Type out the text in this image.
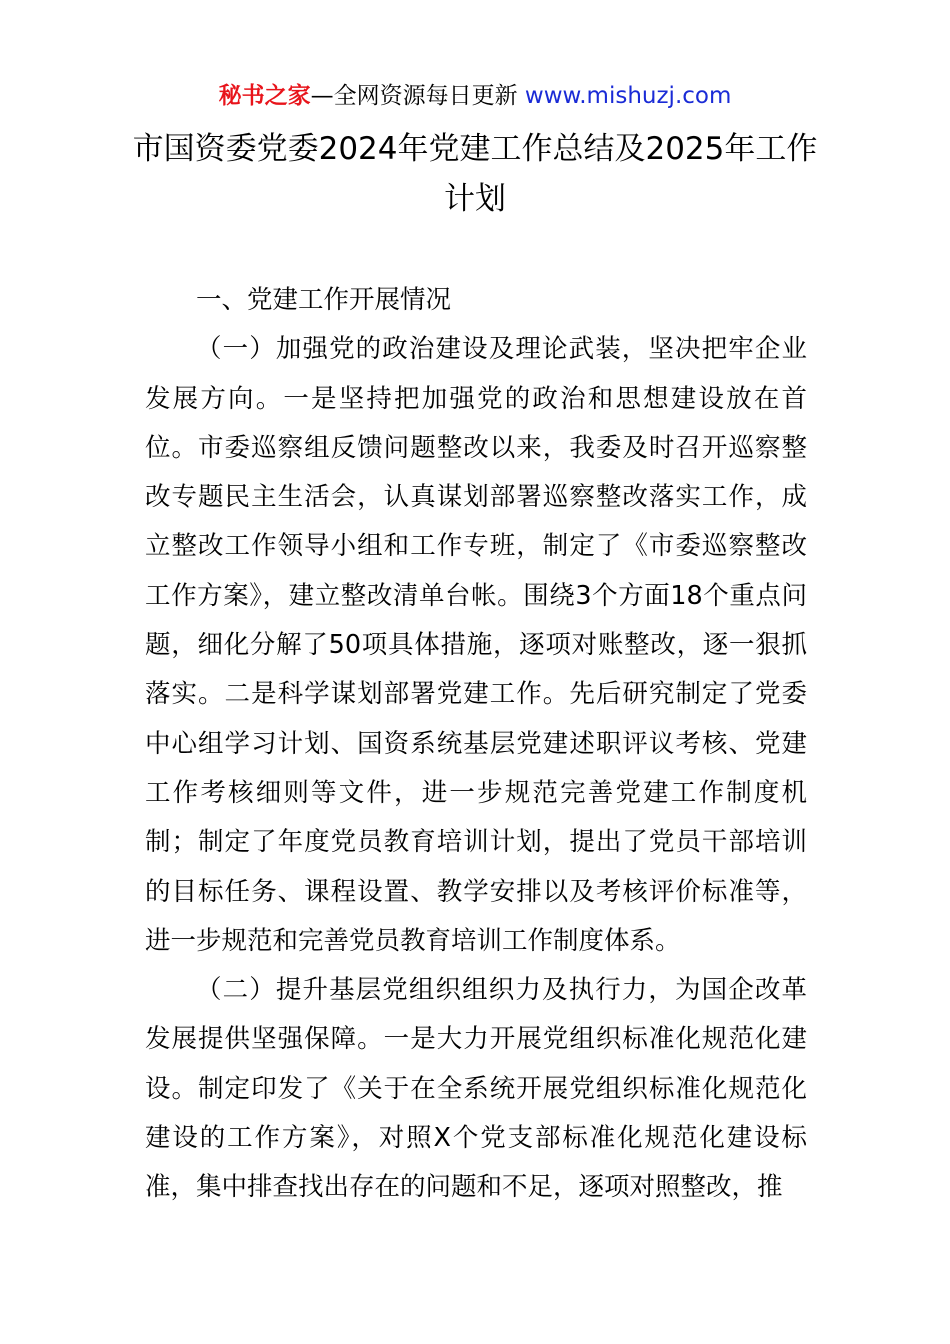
秘书之家—全网资源每日更新 www.mishuzj.com
市国资委党委2024年党建工作总结及2025年工作计划

一、党建工作开展情况

（一）加强党的政治建设及理论武装，坚决把牢企业发展方向。一是坚持把加强党的政治和思想建设放在首位。市委巡察组反馈问题整改以来，我委及时召开巡察整改专题民主生活会，认真谋划部署巡察整改落实工作，成立整改工作领导小组和工作专班，制定了《市委巡察整改工作方案》，建立整改清单台帐。围绕3个方面18个重点问题，细化分解了50项具体措施，逐项对账整改，逐一狠抓落实。二是科学谋划部署党建工作。先后研究制定了党委中心组学习计划、国资系统基层党建述职评议考核、党建工作考核细则等文件，进一步规范完善党建工作制度机制；制定了年度党员教育培训计划，提出了党员干部培训的目标任务、课程设置、教学安排以及考核评价标准等，进一步规范和完善党员教育培训工作制度体系。

（二）提升基层党组织组织力及执行力，为国企改革发展提供坚强保障。一是大力开展党组织标准化规范化建设。制定印发了《关于在全系统开展党组织标准化规范化建设的工作方案》，对照X个党支部标准化规范化建设标准，集中排查找出存在的问题和不足，逐项对照整改，推
